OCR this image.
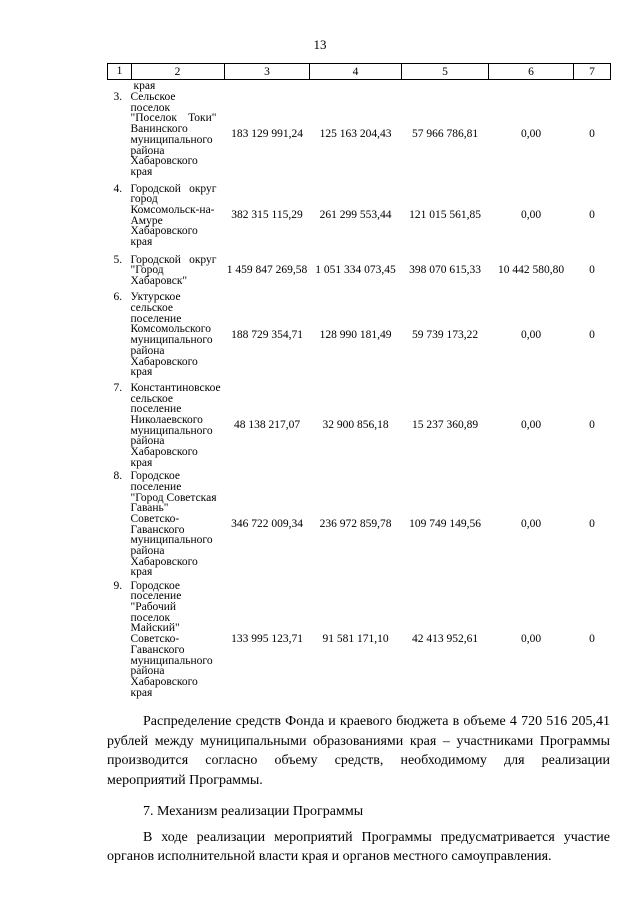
13
1 2	3	4	5	6	7
края					
3. Сельское поселок "Поселок Токи" Ванинского муниципального района Хабаровского края	183 129 991,24	125 163 204,43	57 966 786,81	0,00	0
4. Городской округ город Комсомольск-на-Амуре Хабаровского края	382 315 115,29	261 299 553,44	121 015 561,85	0,00	0
5. Городской округ "Город Хабаровск"	1 459 847 269,58	1 051 334 073,45	398 070 615,33	10 442 580,80	0
6. Уктурское сельское поселение Комсомольского муниципального района Хабаровского края	188 729 354,71	128 990 181,49	59 739 173,22	0,00	0
7. Константиновское сельское поселение Николаевского муниципального района Хабаровского края	48 138 217,07	32 900 856,18	15 237 360,89	0,00	0
8. Городское поселение "Город Советская Гавань" Советско-Гаванского муниципального района Хабаровского края	346 722 009,34	236 972 859,78	109 749 149,56	0,00	0
9. Городское поселение "Рабочий поселок Майский" Советско-Гаванского муниципального района Хабаровского края	133 995 123,71	91 581 171,10	42 413 952,61	0,00	0

Распределение средств Фонда и краевого бюджета в объеме 4 720 516 205,41 рублей между муниципальными образованиями края – участниками Программы производится согласно объему средств, необходимому для реализации мероприятий Программы.

7. Механизм реализации Программы

В ходе реализации мероприятий Программы предусматривается участие органов исполнительной власти края и органов местного самоуправления.
